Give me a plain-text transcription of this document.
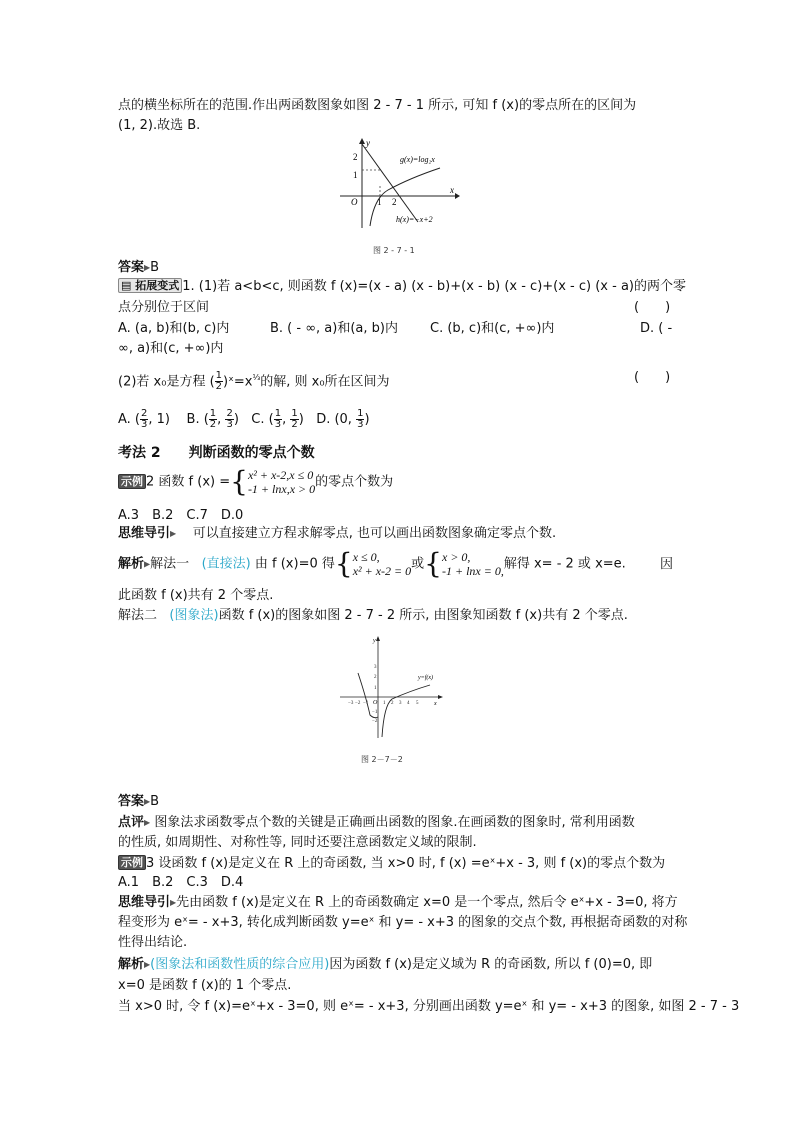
点的横坐标所在的范围.作出两函数图象如图 2 - 7 - 1 所示, 可知 f (x)的零点所在的区间为
(1, 2).故选 B.
y
x
O 1 2
2
1
g(x)=log₂x
h(x)=−x+2
图 2 - 7 - 1
答案▶B
▤ 拓展变式 1. (1)若 a<b<c, 则函数 f (x)=(x - a) (x - b)+(x - b) (x - c)+(x - c) (x - a)的两个零
点分别位于区间	(　　)
A. (a, b)和(b, c)内	B. ( - ∞, a)和(a, b)内 C. (b, c)和(c, +∞)内	D. ( -
∞, a)和(c, +∞)内
(2)若 x₀是方程 ( $\frac{1}{2}$ )$ˣ=x^{\frac{1}{3}}$的解, 则 x₀所在区间为	(　　)
A. ( $\frac{2}{3}$ , 1) B. ( $\frac{1}{2}$ , $\frac{2}{3}$ )   C. ( $\frac{1}{3}$ , $\frac{1}{2}$ )   D. (0, $\frac{1}{3}$ )
考法 2　　判断函数的零点个数
示例 2 函数 f (x) ={x² + x-2,x ≤ 0
-1 + lnx,x > 0的零点个数为
A.3　B.2　C.7　D.0
思维导引▶ 可以直接建立方程求解零点, 也可以画出函数图象确定零点个数.
解析▶解法一 (直接法) 由 f (x)=0 得{x ≤ 0,
x² + x-2 = 0或{x > 0,
-1 + lnx = 0,解得 x= - 2 或 x=e.	因
此函数 f (x)共有 2 个零点.
解法二 (图象法)函数 f (x)的图象如图 2 - 7 - 2 所示, 由图象知函数 f (x)共有 2 个零点.
y
x
O
y=f(x)
3
2
1
−3 −2 −1	1 2 3 4 5
−1
−2
图 2－7－2
答案▶B
点评▶ 图象法求函数零点个数的关键是正确画出函数的图象.在画函数的图象时, 常利用函数
的性质, 如周期性、对称性等, 同时还要注意函数定义域的限制.
示例 3 设函数 f (x)是定义在 R 上的奇函数, 当 x>0 时, f (x) =eˣ+x - 3, 则 f (x)的零点个数为
A.1　B.2　C.3　D.4
思维导引▶先由函数 f (x)是定义在 R 上的奇函数确定 x=0 是一个零点, 然后令 eˣ+x - 3=0, 将方
程变形为 eˣ= - x+3, 转化成判断函数 y=eˣ 和 y= - x+3 的图象的交点个数, 再根据奇函数的对称
性得出结论.
解析▶(图象法和函数性质的综合应用)因为函数 f (x)是定义域为 R 的奇函数, 所以 f (0)=0, 即
x=0 是函数 f (x)的 1 个零点.
当 x>0 时, 令 f (x)=eˣ+x - 3=0, 则 eˣ= - x+3, 分别画出函数 y=eˣ 和 y= - x+3 的图象, 如图 2 - 7 - 3
